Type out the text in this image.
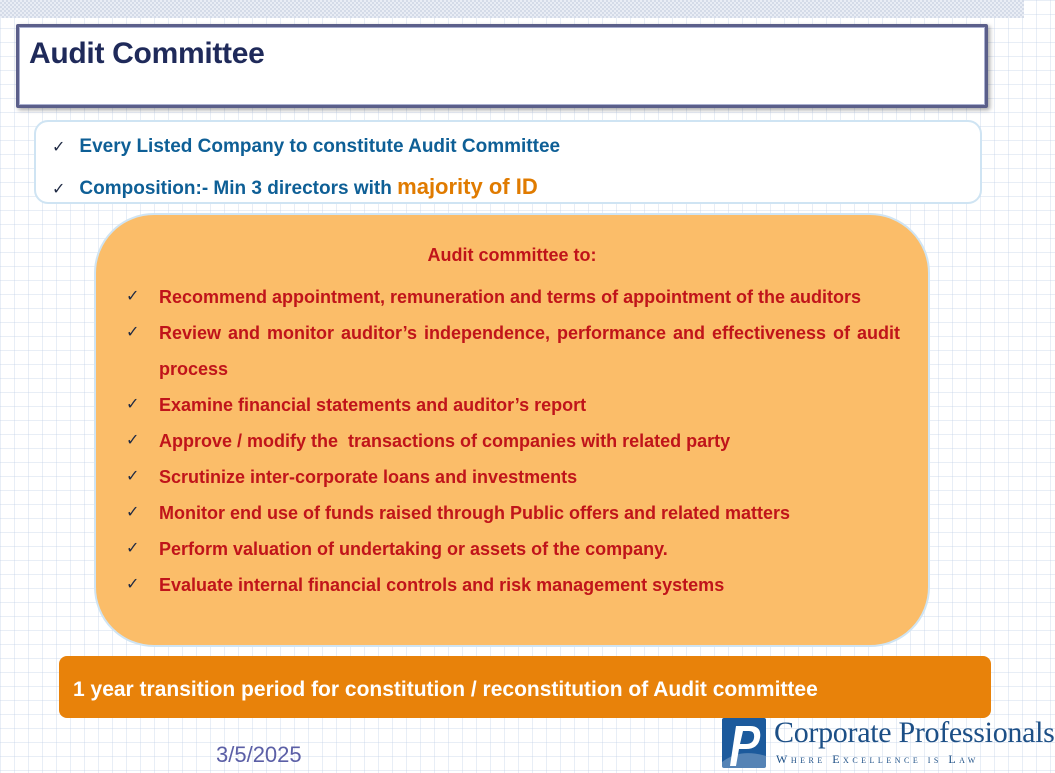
Audit Committee
✓ Every Listed Company to constitute Audit Committee
✓ Composition:- Min 3 directors with majority of ID
Audit committee to:
✓ Recommend appointment, remuneration and terms of appointment of the auditors
✓ Review and monitor auditor’s independence, performance and effectiveness of audit process
✓ Examine financial statements and auditor’s report
✓ Approve / modify the  transactions of companies with related party
✓ Scrutinize inter-corporate loans and investments
✓ Monitor end use of funds raised through Public offers and related matters
✓ Perform valuation of undertaking or assets of the company.
✓ Evaluate internal financial controls and risk management systems
1 year transition period for constitution / reconstitution of Audit committee
3/5/2025
Corporate Professionals
Where Excellence is Law
